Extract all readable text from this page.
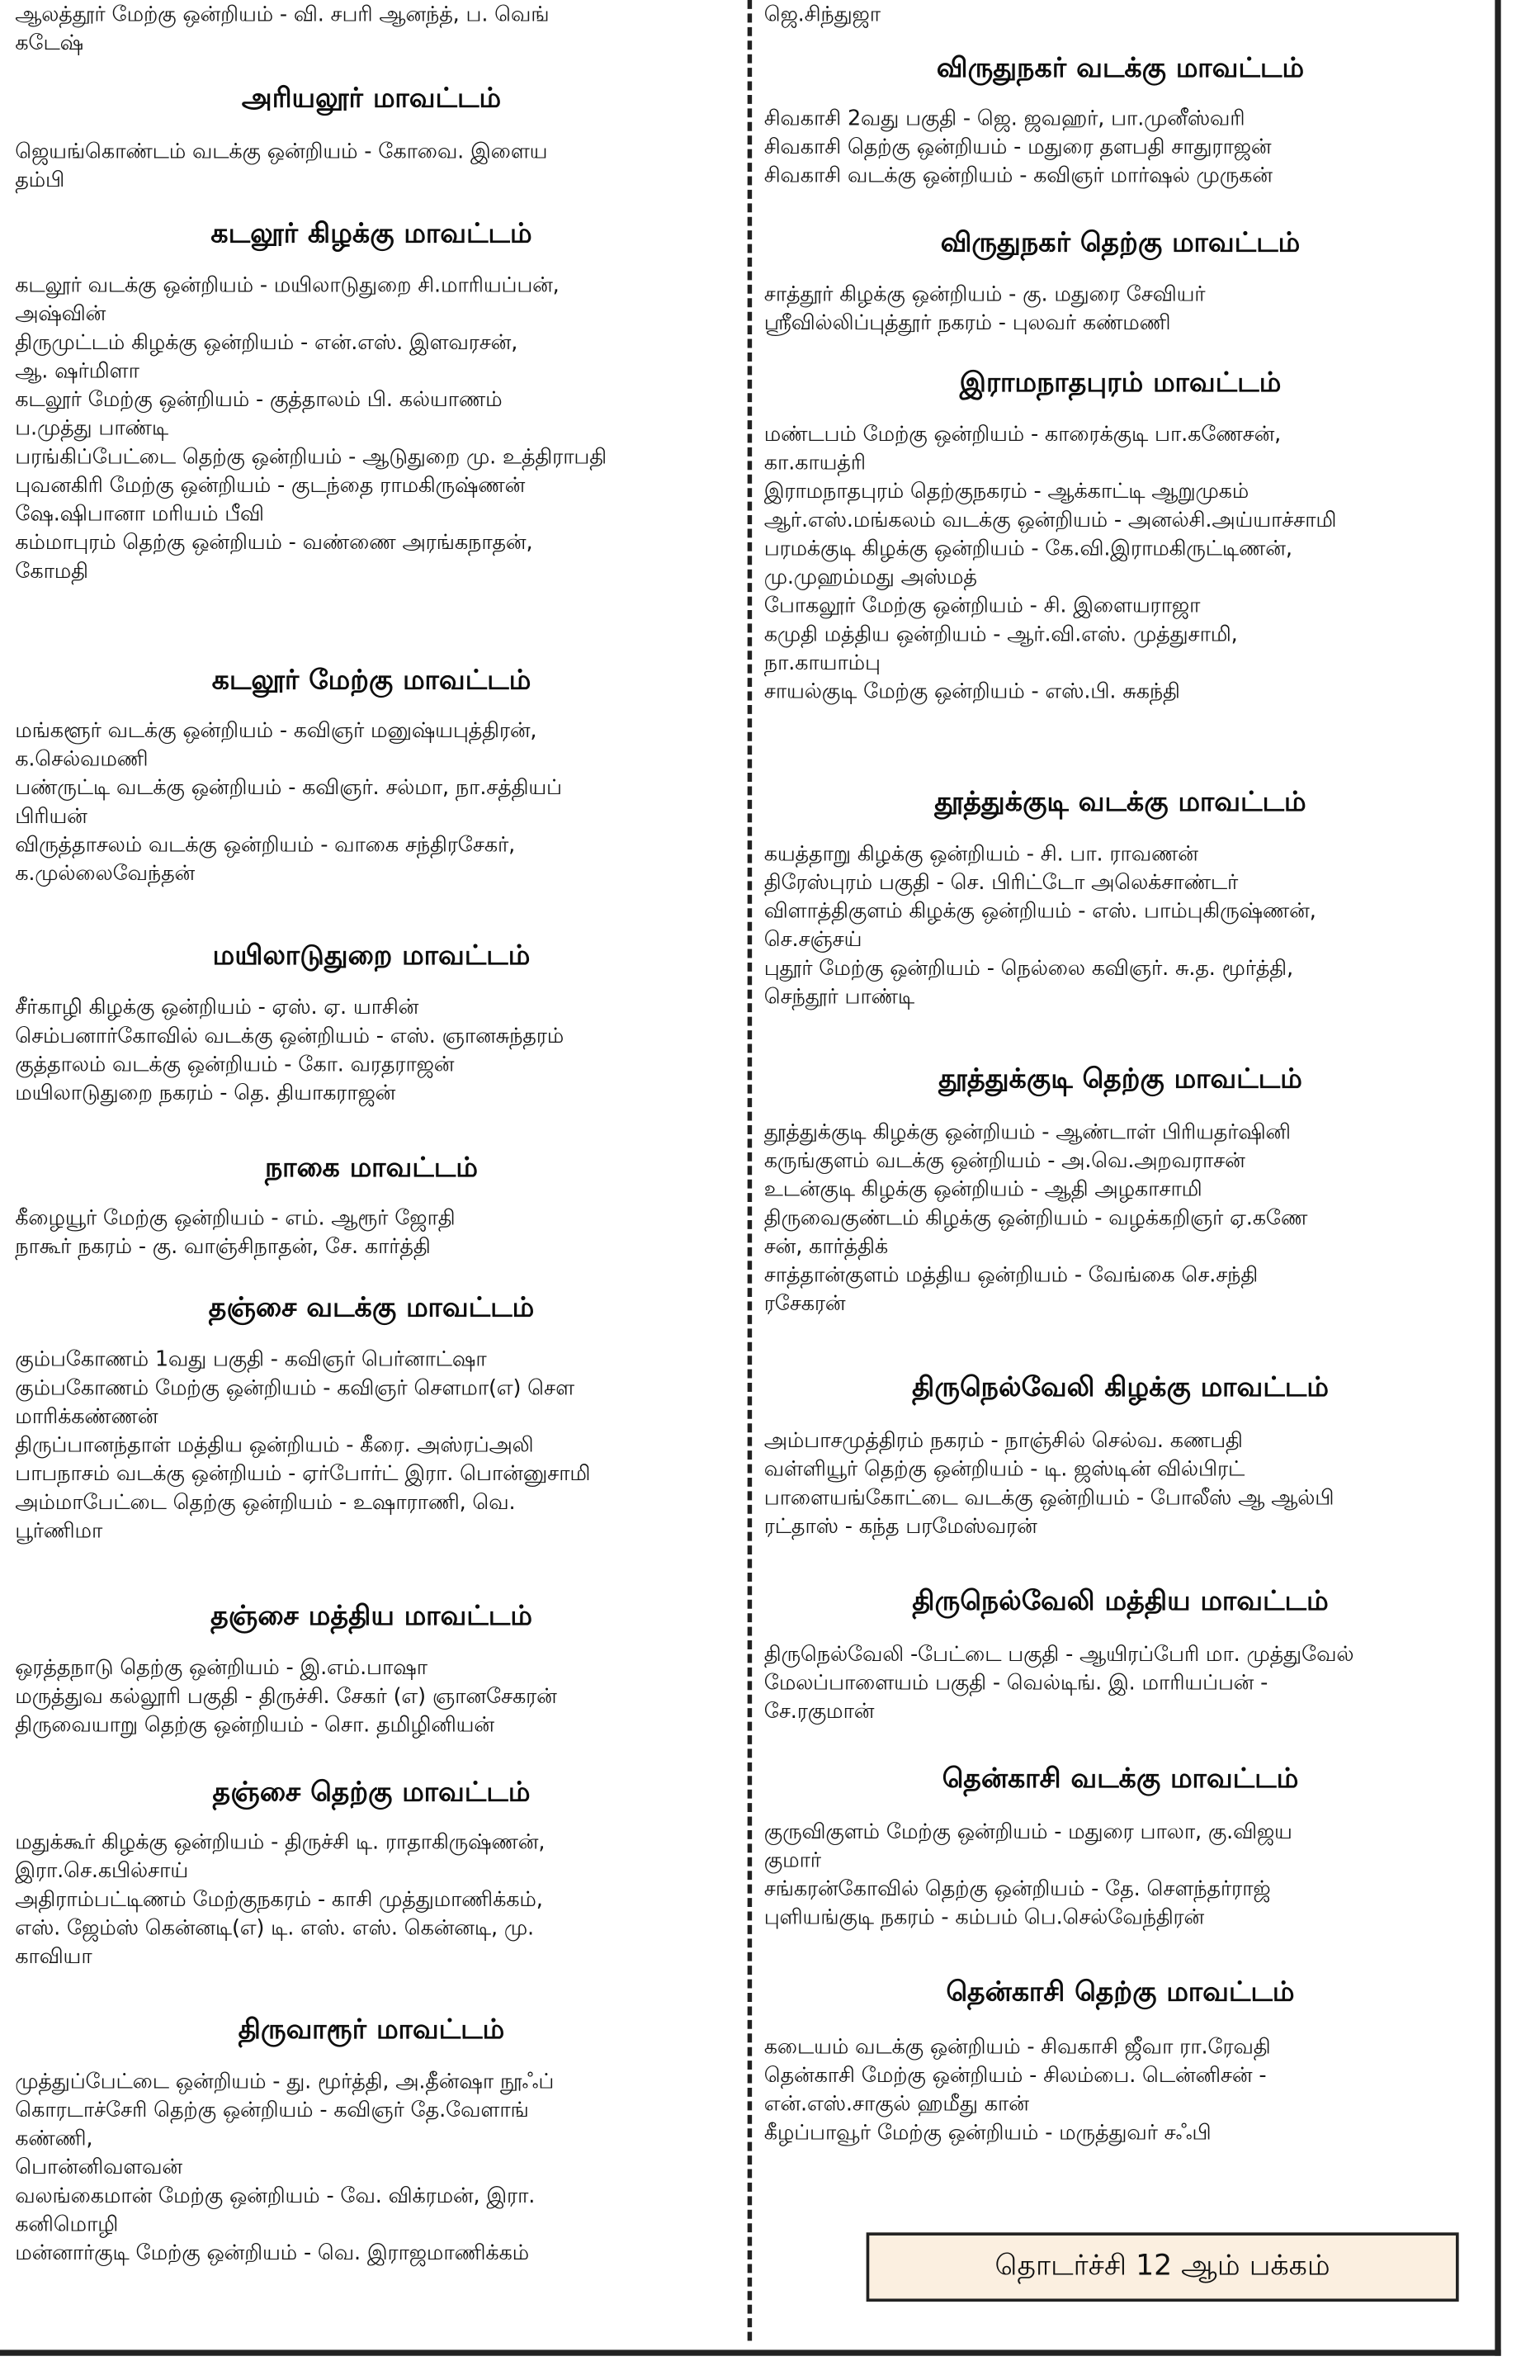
ஆலத்தூர் மேற்கு ஒன்றியம் - வி. சபரி ஆனந்த், ப. வெங்

கடேஷ்

அரியலூர் மாவட்டம்

ஜெயங்கொண்டம் வடக்கு ஒன்றியம் - கோவை. இளைய

தம்பி

கடலூர் கிழக்கு மாவட்டம்

கடலூர் வடக்கு ஒன்றியம் - மயிலாடுதுறை சி.மாரியப்பன்,

அஷ்வின்

திருமுட்டம் கிழக்கு ஒன்றியம் - என்.எஸ். இளவரசன்,

ஆ. ஷர்மிளா

கடலூர் மேற்கு ஒன்றியம் - குத்தாலம் பி. கல்யாணம்

ப.முத்து பாண்டி

பரங்கிப்பேட்டை தெற்கு ஒன்றியம் - ஆடுதுறை மு. உத்திராபதி

புவனகிரி மேற்கு ஒன்றியம் - குடந்தை ராமகிருஷ்ணன்

ஷே.ஷிபானா மரியம் பீவி

கம்மாபுரம் தெற்கு ஒன்றியம் - வண்ணை அரங்கநாதன்,

கோமதி

கடலூர் மேற்கு மாவட்டம்

மங்களூர் வடக்கு ஒன்றியம் - கவிஞர் மனுஷ்யபுத்திரன்,

க.செல்வமணி

பண்ருட்டி வடக்கு ஒன்றியம் - கவிஞர். சல்மா, நா.சத்தியப்

பிரியன்

விருத்தாசலம் வடக்கு ஒன்றியம் - வாகை சந்திரசேகர்,

க.முல்லைவேந்தன்

மயிலாடுதுறை மாவட்டம்

சீர்காழி கிழக்கு ஒன்றியம் - ஏஸ். ஏ. யாசின்

செம்பனார்கோவில் வடக்கு ஒன்றியம் - எஸ். ஞானசுந்தரம்

குத்தாலம் வடக்கு ஒன்றியம் - கோ. வரதராஜன்

மயிலாடுதுறை நகரம் - தெ. தியாகராஜன்

நாகை மாவட்டம்

கீழையூர் மேற்கு ஒன்றியம் - எம். ஆரூர் ஜோதி

நாகூர் நகரம் - கு. வாஞ்சிநாதன், சே. கார்த்தி

தஞ்சை வடக்கு மாவட்டம்

கும்பகோணம் 1வது பகுதி - கவிஞர் பெர்னாட்ஷா

கும்பகோணம் மேற்கு ஒன்றியம் - கவிஞர் சௌமா(எ) சௌ

மாரிக்கண்ணன்

திருப்பானந்தாள் மத்திய ஒன்றியம் - கீரை. அஸ்ரப்அலி

பாபநாசம் வடக்கு ஒன்றியம் - ஏர்போர்ட் இரா. பொன்னுசாமி

அம்மாபேட்டை தெற்கு ஒன்றியம் - உஷாராணி, வெ.

பூர்ணிமா

தஞ்சை மத்திய மாவட்டம்

ஒரத்தநாடு தெற்கு ஒன்றியம் - இ.எம்.பாஷா

மருத்துவ கல்லூரி பகுதி - திருச்சி. சேகர் (எ) ஞானசேகரன்

திருவையாறு தெற்கு ஒன்றியம் - சொ. தமிழினியன்

தஞ்சை தெற்கு மாவட்டம்

மதுக்கூர் கிழக்கு ஒன்றியம் - திருச்சி டி. ராதாகிருஷ்ணன்,

இரா.செ.கபில்சாய்

அதிராம்பட்டிணம் மேற்குநகரம் - காசி முத்துமாணிக்கம்,

எஸ். ஜேம்ஸ் கென்னடி(எ) டி. எஸ். எஸ். கென்னடி, மு.

காவியா

திருவாரூர் மாவட்டம்

முத்துப்பேட்டை ஒன்றியம் - து. மூர்த்தி, அ.தீன்ஷா நூஃப்

கொரடாச்சேரி தெற்கு ஒன்றியம் - கவிஞர் தே.வேளாங்

கண்ணி,

பொன்னிவளவன்

வலங்கைமான் மேற்கு ஒன்றியம் - வே. விக்ரமன், இரா.

கனிமொழி

மன்னார்குடி மேற்கு ஒன்றியம் - வெ. இராஜமாணிக்கம்

ஜெ.சிந்துஜா

விருதுநகர் வடக்கு மாவட்டம்

சிவகாசி 2வது பகுதி - ஜெ. ஜவஹர், பா.முனீஸ்வரி

சிவகாசி தெற்கு ஒன்றியம் - மதுரை தளபதி சாதுராஜன்

சிவகாசி வடக்கு ஒன்றியம் - கவிஞர் மார்ஷல் முருகன்

விருதுநகர் தெற்கு மாவட்டம்

சாத்தூர் கிழக்கு ஒன்றியம் - கு. மதுரை சேவியர்

ஸ்ரீவில்லிப்புத்தூர் நகரம் - புலவர் கண்மணி

இராமநாதபுரம் மாவட்டம்

மண்டபம் மேற்கு ஒன்றியம் - காரைக்குடி பா.கணேசன்,

கா.காயத்ரி

இராமநாதபுரம் தெற்குநகரம் - ஆக்காட்டி ஆறுமுகம்

ஆர்.எஸ்.மங்கலம் வடக்கு ஒன்றியம் - அனல்சி.அய்யாச்சாமி

பரமக்குடி கிழக்கு ஒன்றியம் - கே.வி.இராமகிருட்டிணன்,

மு.முஹம்மது அஸ்மத்

போகலூர் மேற்கு ஒன்றியம் - சி. இளையராஜா

கமுதி மத்திய ஒன்றியம் - ஆர்.வி.எஸ். முத்துசாமி,

நா.காயாம்பு

சாயல்குடி மேற்கு ஒன்றியம் - எஸ்.பி. சுகந்தி

தூத்துக்குடி வடக்கு மாவட்டம்

கயத்தாறு கிழக்கு ஒன்றியம் - சி. பா. ராவணன்

திரேஸ்புரம் பகுதி - செ. பிரிட்டோ அலெக்சாண்டர்

விளாத்திகுளம் கிழக்கு ஒன்றியம் - எஸ். பாம்புகிருஷ்ணன்,

செ.சஞ்சய்

புதூர் மேற்கு ஒன்றியம் - நெல்லை கவிஞர். சு.த. மூர்த்தி,

செந்தூர் பாண்டி

தூத்துக்குடி தெற்கு மாவட்டம்

தூத்துக்குடி கிழக்கு ஒன்றியம் - ஆண்டாள் பிரியதர்ஷினி

கருங்குளம் வடக்கு ஒன்றியம் - அ.வெ.அறவராசன்

உடன்குடி கிழக்கு ஒன்றியம் - ஆதி அழகாசாமி

திருவைகுண்டம் கிழக்கு ஒன்றியம் - வழக்கறிஞர் ஏ.கணே

சன், கார்த்திக்

சாத்தான்குளம் மத்திய ஒன்றியம் - வேங்கை செ.சந்தி

ரசேகரன்

திருநெல்வேலி கிழக்கு மாவட்டம்

அம்பாசமுத்திரம் நகரம் - நாஞ்சில் செல்வ. கணபதி

வள்ளியூர் தெற்கு ஒன்றியம் - டி. ஜஸ்டின் வில்பிரட்

பாளையங்கோட்டை வடக்கு ஒன்றியம் - போலீஸ் ஆ ஆல்பி

ரட்தாஸ் - கந்த பரமேஸ்வரன்

திருநெல்வேலி மத்திய மாவட்டம்

திருநெல்வேலி -பேட்டை பகுதி - ஆயிரப்பேரி மா. முத்துவேல்

மேலப்பாளையம் பகுதி - வெல்டிங். இ. மாரியப்பன் -

சே.ரகுமான்

தென்காசி வடக்கு மாவட்டம்

குருவிகுளம் மேற்கு ஒன்றியம் - மதுரை பாலா, கு.விஜய

குமார்

சங்கரன்கோவில் தெற்கு ஒன்றியம் - தே. சௌந்தர்ராஜ்

புளியங்குடி நகரம் - கம்பம் பெ.செல்வேந்திரன்

தென்காசி தெற்கு மாவட்டம்

கடையம் வடக்கு ஒன்றியம் - சிவகாசி ஜீவா ரா.ரேவதி

தென்காசி மேற்கு ஒன்றியம் - சிலம்பை. டென்னிசன் -

என்.எஸ்.சாகுல் ஹமீது கான்

கீழப்பாவூர் மேற்கு ஒன்றியம் - மருத்துவர் சஃபி

தொடர்ச்சி 12 ஆம் பக்கம்
